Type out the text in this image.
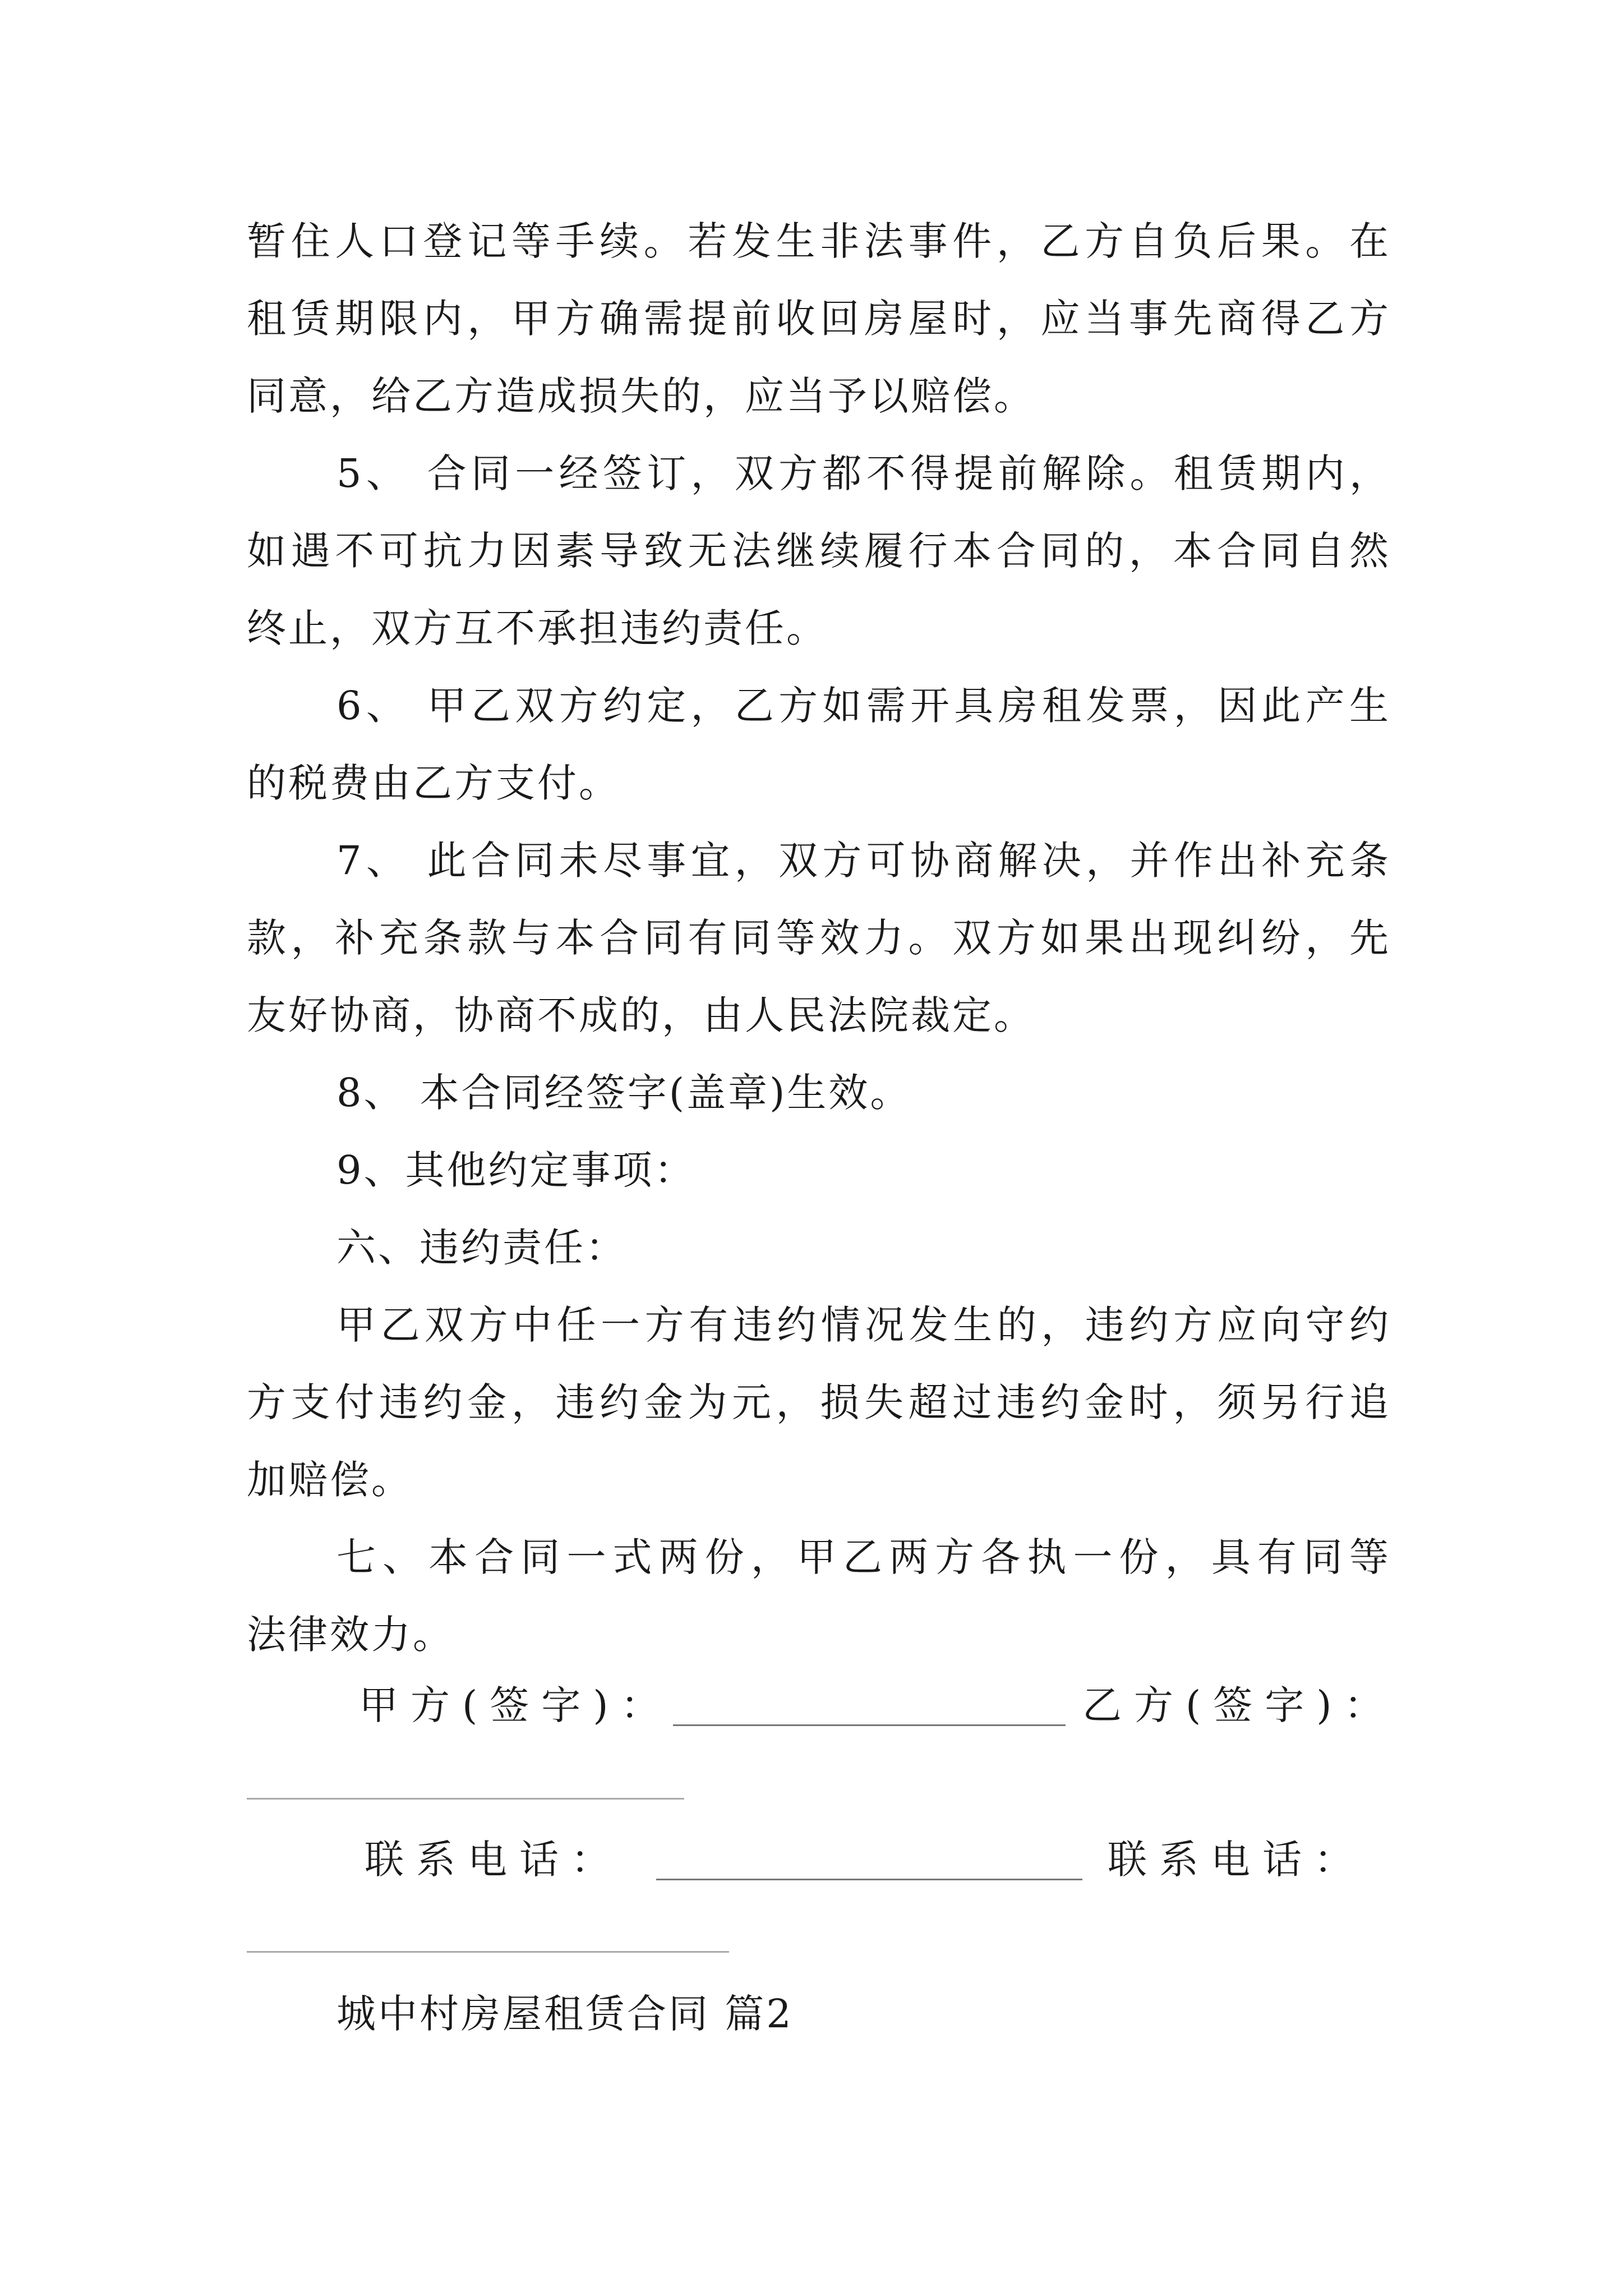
暂住人口登记等手续。若发生非法事件，乙方自负后果。在
租赁期限内，甲方确需提前收回房屋时，应当事先商得乙方
同意，给乙方造成损失的，应当予以赔偿。
5、 合同一经签订，双方都不得提前解除。租赁期内，
如遇不可抗力因素导致无法继续履行本合同的，本合同自然
终止，双方互不承担违约责任。
6、 甲乙双方约定，乙方如需开具房租发票，因此产生
的税费由乙方支付。
7、 此合同未尽事宜，双方可协商解决，并作出补充条
款，补充条款与本合同有同等效力。双方如果出现纠纷，先
友好协商，协商不成的，由人民法院裁定。
8、 本合同经签字(盖章)生效。
9、其他约定事项：
六、违约责任：
甲乙双方中任一方有违约情况发生的，违约方应向守约
方支付违约金，违约金为元，损失超过违约金时，须另行追
加赔偿。
七、本合同一式两份，甲乙两方各执一份，具有同等
法律效力。
甲方(签字)：	乙方(签字)：
联系电话：	联系电话：
城中村房屋租赁合同 篇2
